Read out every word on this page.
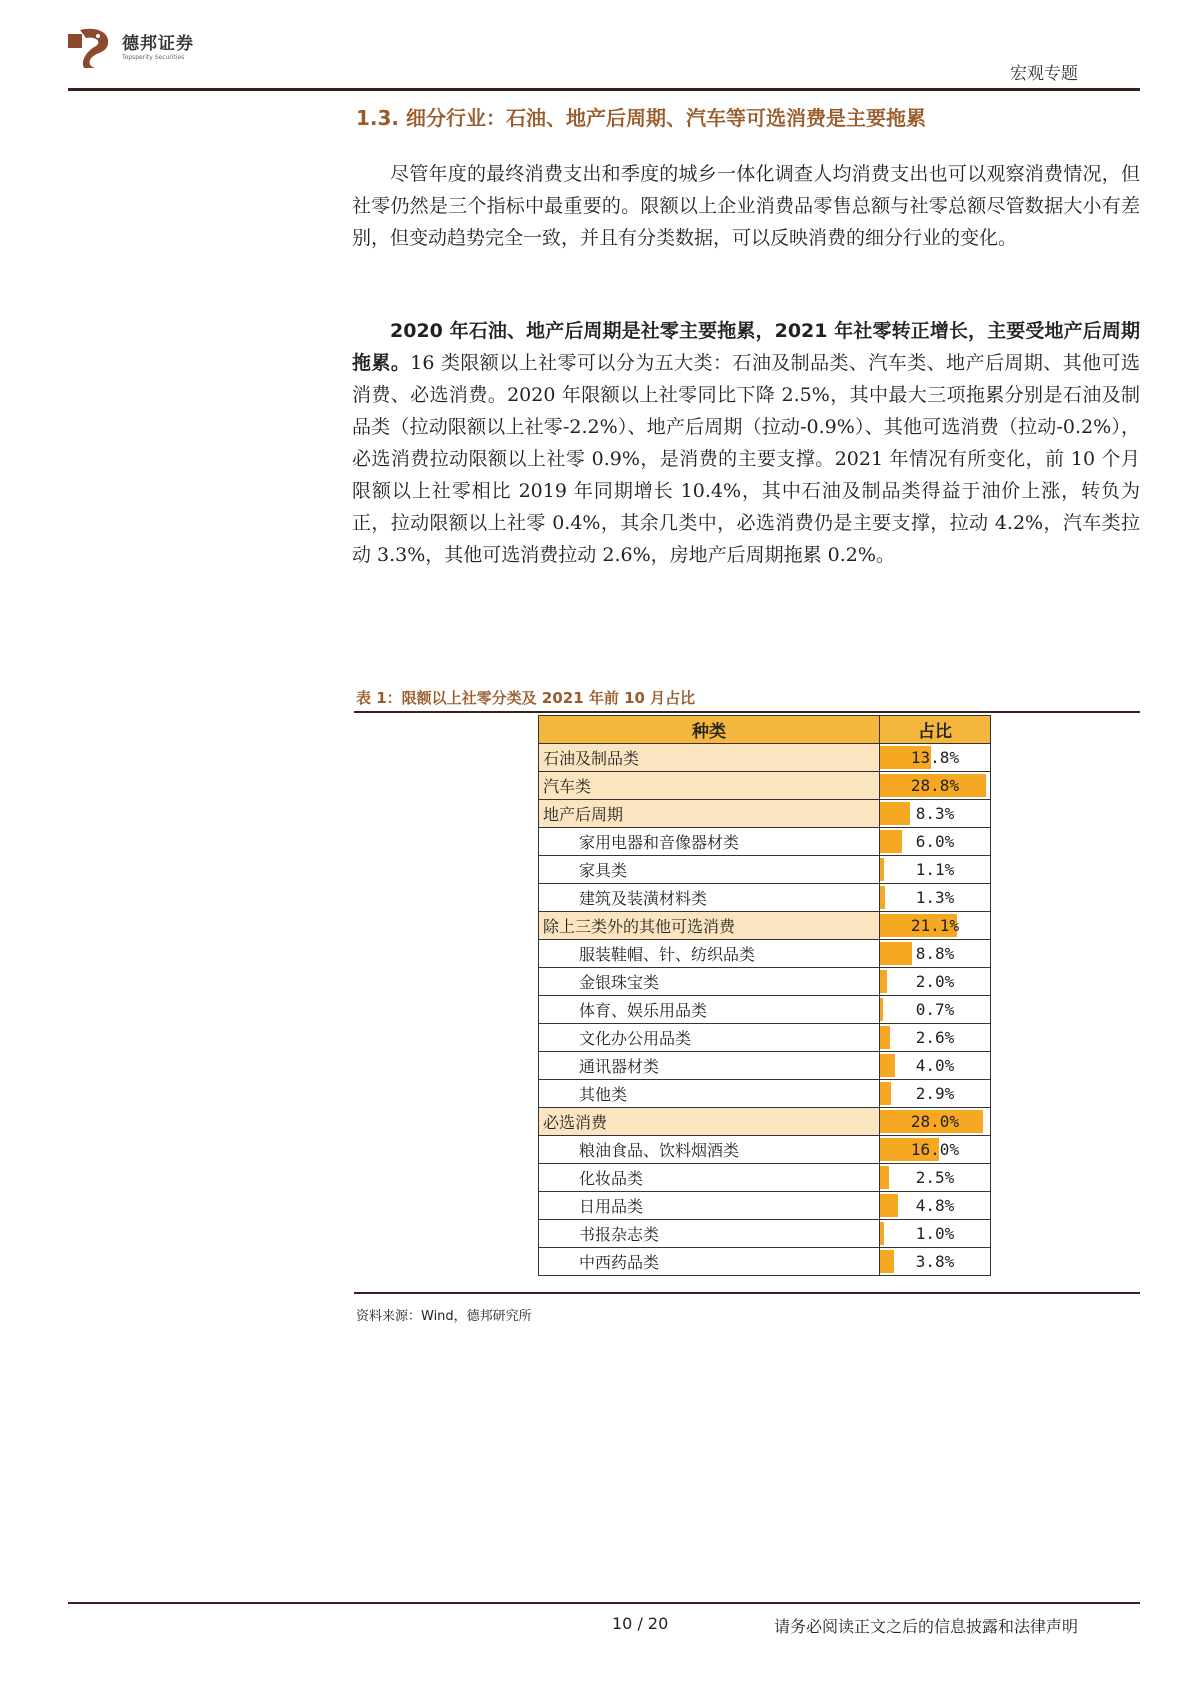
德邦证券
Topsperity Securities
宏观专题
1.3. 细分行业：石油、地产后周期、汽车等可选消费是主要拖累
尽管年度的最终消费支出和季度的城乡一体化调查人均消费支出也可以观察消费情况，但社零仍然是三个指标中最重要的。限额以上企业消费品零售总额与社零总额尽管数据大小有差别，但变动趋势完全一致，并且有分类数据，可以反映消费的细分行业的变化。
2020 年石油、地产后周期是社零主要拖累，2021 年社零转正增长，主要受地产后周期拖累。16 类限额以上社零可以分为五大类：石油及制品类、汽车类、地产后周期、其他可选消费、必选消费。2020 年限额以上社零同比下降 2.5%，其中最大三项拖累分别是石油及制品类（拉动限额以上社零-2.2%）、地产后周期（拉动-0.9%）、其他可选消费（拉动-0.2%），必选消费拉动限额以上社零 0.9%，是消费的主要支撑。2021 年情况有所变化，前 10 个月限额以上社零相比 2019 年同期增长 10.4%，其中石油及制品类得益于油价上涨，转负为正，拉动限额以上社零 0.4%，其余几类中，必选消费仍是主要支撑，拉动 4.2%，汽车类拉动 3.3%，其他可选消费拉动 2.6%，房地产后周期拖累 0.2%。
表 1：限额以上社零分类及 2021 年前 10 月占比
种类	占比
石油及制品类	13.8%
汽车类	28.8%
地产后周期	8.3%
家用电器和音像器材类	6.0%
家具类	1.1%
建筑及装潢材料类	1.3%
除上三类外的其他可选消费	21.1%
服装鞋帽、针、纺织品类	8.8%
金银珠宝类	2.0%
体育、娱乐用品类	0.7%
文化办公用品类	2.6%
通讯器材类	4.0%
其他类	2.9%
必选消费	28.0%
粮油食品、饮料烟酒类	16.0%
化妆品类	2.5%
日用品类	4.8%
书报杂志类	1.0%
中西药品类	3.8%
资料来源：Wind，德邦研究所
10 / 20	请务必阅读正文之后的信息披露和法律声明
